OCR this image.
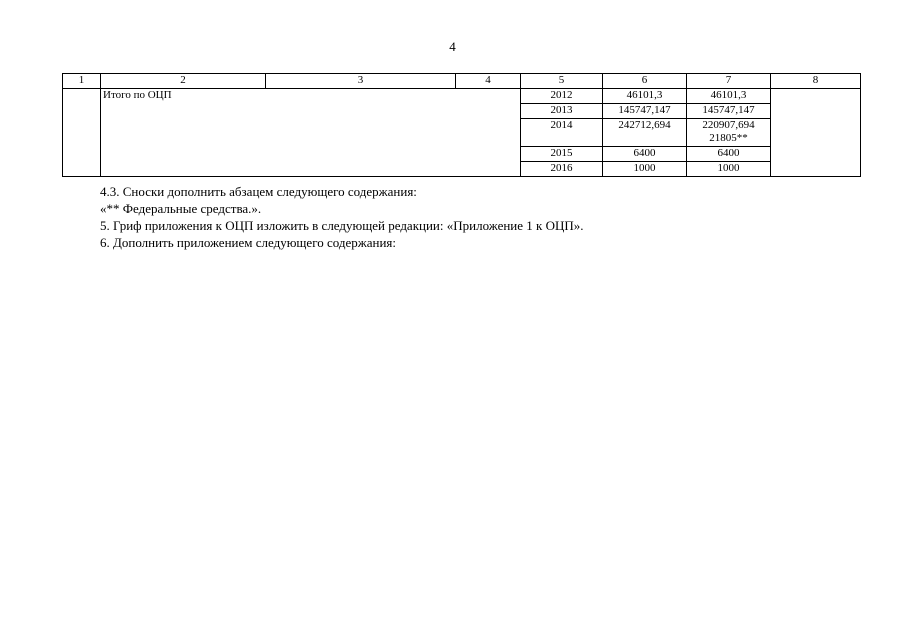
4
1	2	3	4	5	6	7	8
	Итого по ОЦП			2012	46101,3	46101,3	
				2013	145747,147	145747,147	
				2014	242712,694	220907,694
21805**	

				2015	6400	6400	
				2016	1000	1000	

4.3. Сноски дополнить абзацем следующего содержания:

«** Федеральные средства.».

5. Гриф приложения к ОЦП изложить в следующей редакции: «Приложение 1 к ОЦП».

6. Дополнить приложением следующего содержания:
